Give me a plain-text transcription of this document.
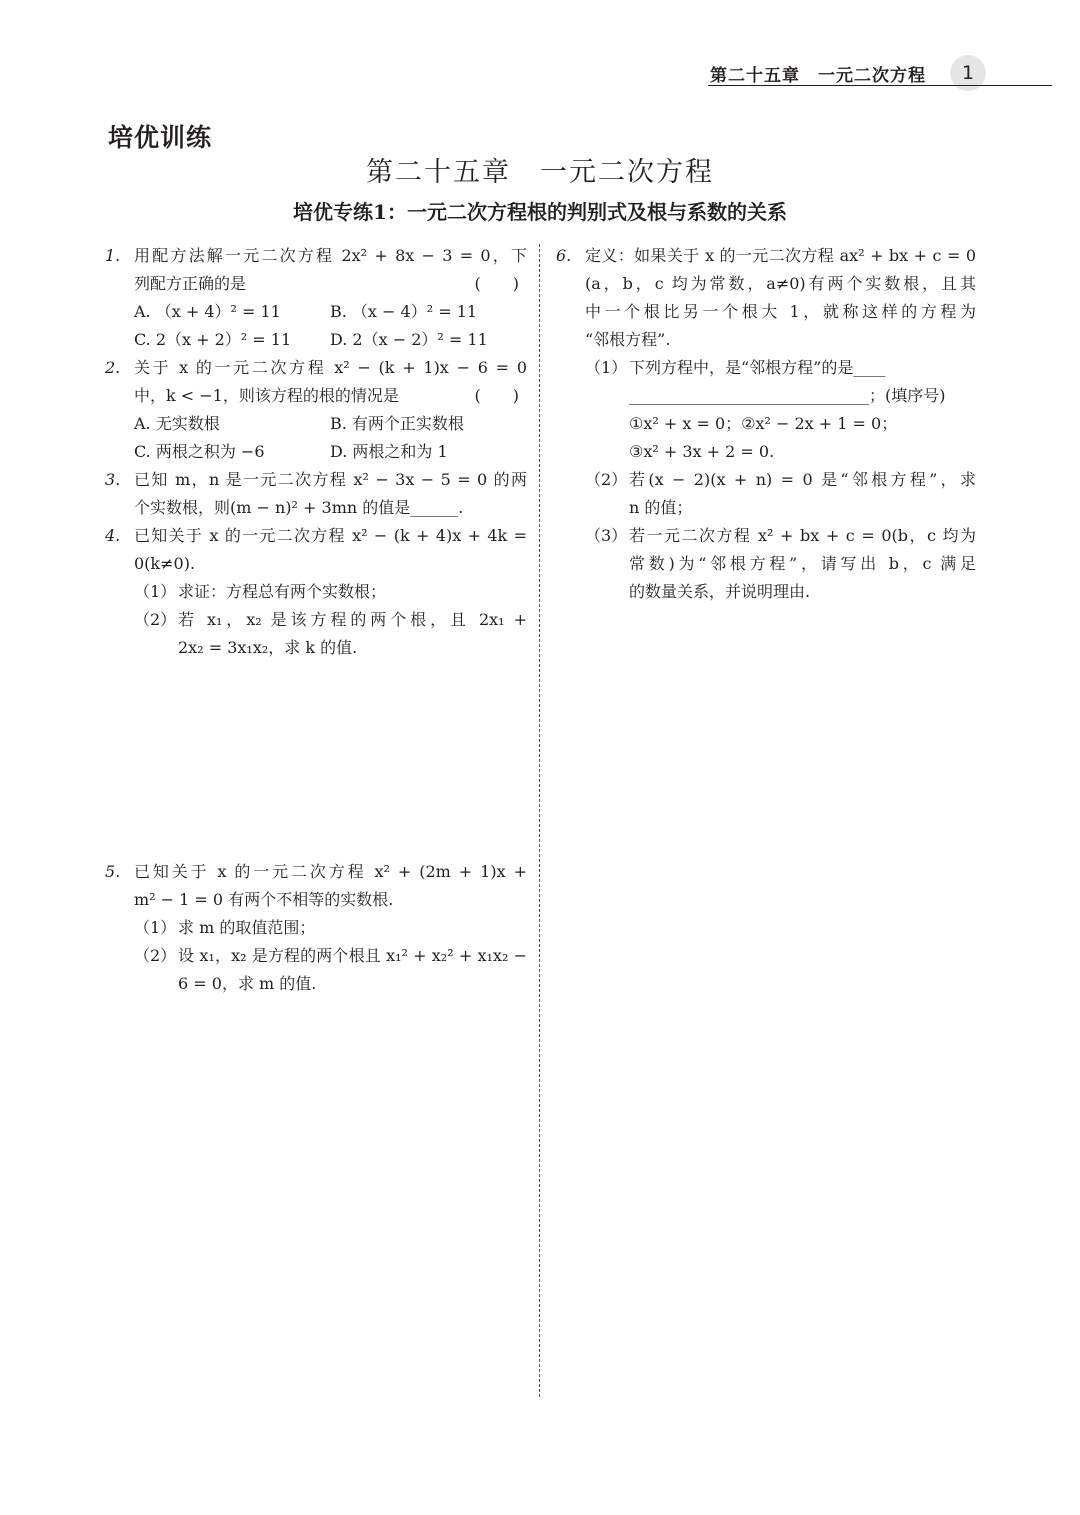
第二十五章　一元二次方程	1
培优训练
第二十五章　一元二次方程
培优专练1：一元二次方程根的判别式及根与系数的关系
1. 用配方法解一元二次方程 2x² + 8x − 3 = 0，下
列配方正确的是	(　　)
A. （x + 4）² = 11	B. （x − 4）² = 11
C. 2（x + 2）² = 11 D. 2（x − 2）² = 11
2. 关于 x 的一元二次方程 x² − (k + 1)x − 6 = 0
中，k < −1，则该方程的根的情况是	(　　)
A. 无实数根	B. 有两个正实数根
C. 两根之积为 −6	D. 两根之和为 1
3. 已知 m，n 是一元二次方程 x² − 3x − 5 = 0 的两
个实数根，则(m − n)² + 3mn 的值是______.
4. 已知关于 x 的一元二次方程 x² − (k + 4)x + 4k =
0(k≠0).
（1） 求证：方程总有两个实数根；
（2） 若 x₁，x₂ 是该方程的两个根，且 2x₁ +
2x₂ = 3x₁x₂，求 k 的值.
5. 已知关于 x 的一元二次方程 x² + (2m + 1)x +
m² − 1 = 0 有两个不相等的实数根.
（1） 求 m 的取值范围；
（2） 设 x₁，x₂ 是方程的两个根且 x₁² + x₂² + x₁x₂ −
6 = 0，求 m 的值.
6. 定义：如果关于 x 的一元二次方程 ax² + bx + c = 0
(a，b，c 均为常数，a≠0)有两个实数根，且其
中一个根比另一个根大 1，就称这样的方程为
“邻根方程”.
（1） 下列方程中，是“邻根方程”的是____
______________________________；(填序号)
①x² + x = 0；②x² − 2x + 1 = 0；
③x² + 3x + 2 = 0.
（2） 若(x − 2)(x + n) = 0 是“邻根方程”，求
n 的值；
（3） 若一元二次方程 x² + bx + c = 0(b，c 均为
常数)为“邻根方程”，请写出 b，c 满足
的数量关系，并说明理由.
